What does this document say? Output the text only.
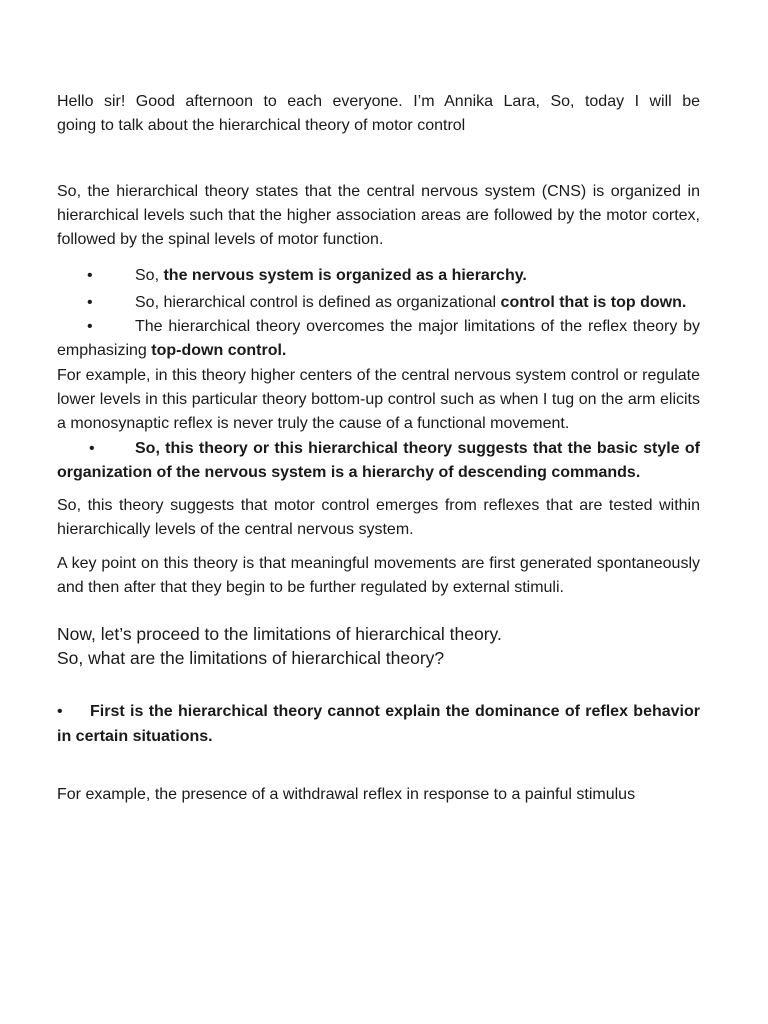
Hello sir! Good afternoon to each everyone. I’m Annika Lara, So, today I will be
going to talk about the hierarchical theory of motor control

So, the hierarchical theory states that the central nervous system (CNS) is organized in hierarchical levels such that the higher association areas are followed by the motor cortex, followed by the spinal levels of motor function.

•	So, the nervous system is organized as a hierarchy.

•	So, hierarchical control is defined as organizational control that is top down.

•	The hierarchical theory overcomes the major limitations of the reflex theory by emphasizing top-down control.

For example, in this theory higher centers of the central nervous system control or regulate lower levels in this particular theory bottom-up control such as when I tug on the arm elicits a monosynaptic reflex is never truly the cause of a functional movement.

•	So, this theory or this hierarchical theory suggests that the basic style of organization of the nervous system is a hierarchy of descending commands.

So, this theory suggests that motor control emerges from reflexes that are tested within hierarchically levels of the central nervous system.

A key point on this theory is that meaningful movements are first generated spontaneously and then after that they begin to be further regulated by external stimuli.

Now, let’s proceed to the limitations of hierarchical theory.
So, what are the limitations of hierarchical theory?

• First is the hierarchical theory cannot explain the dominance of reflex behavior in certain situations.

For example, the presence of a withdrawal reflex in response to a painful stimulus
